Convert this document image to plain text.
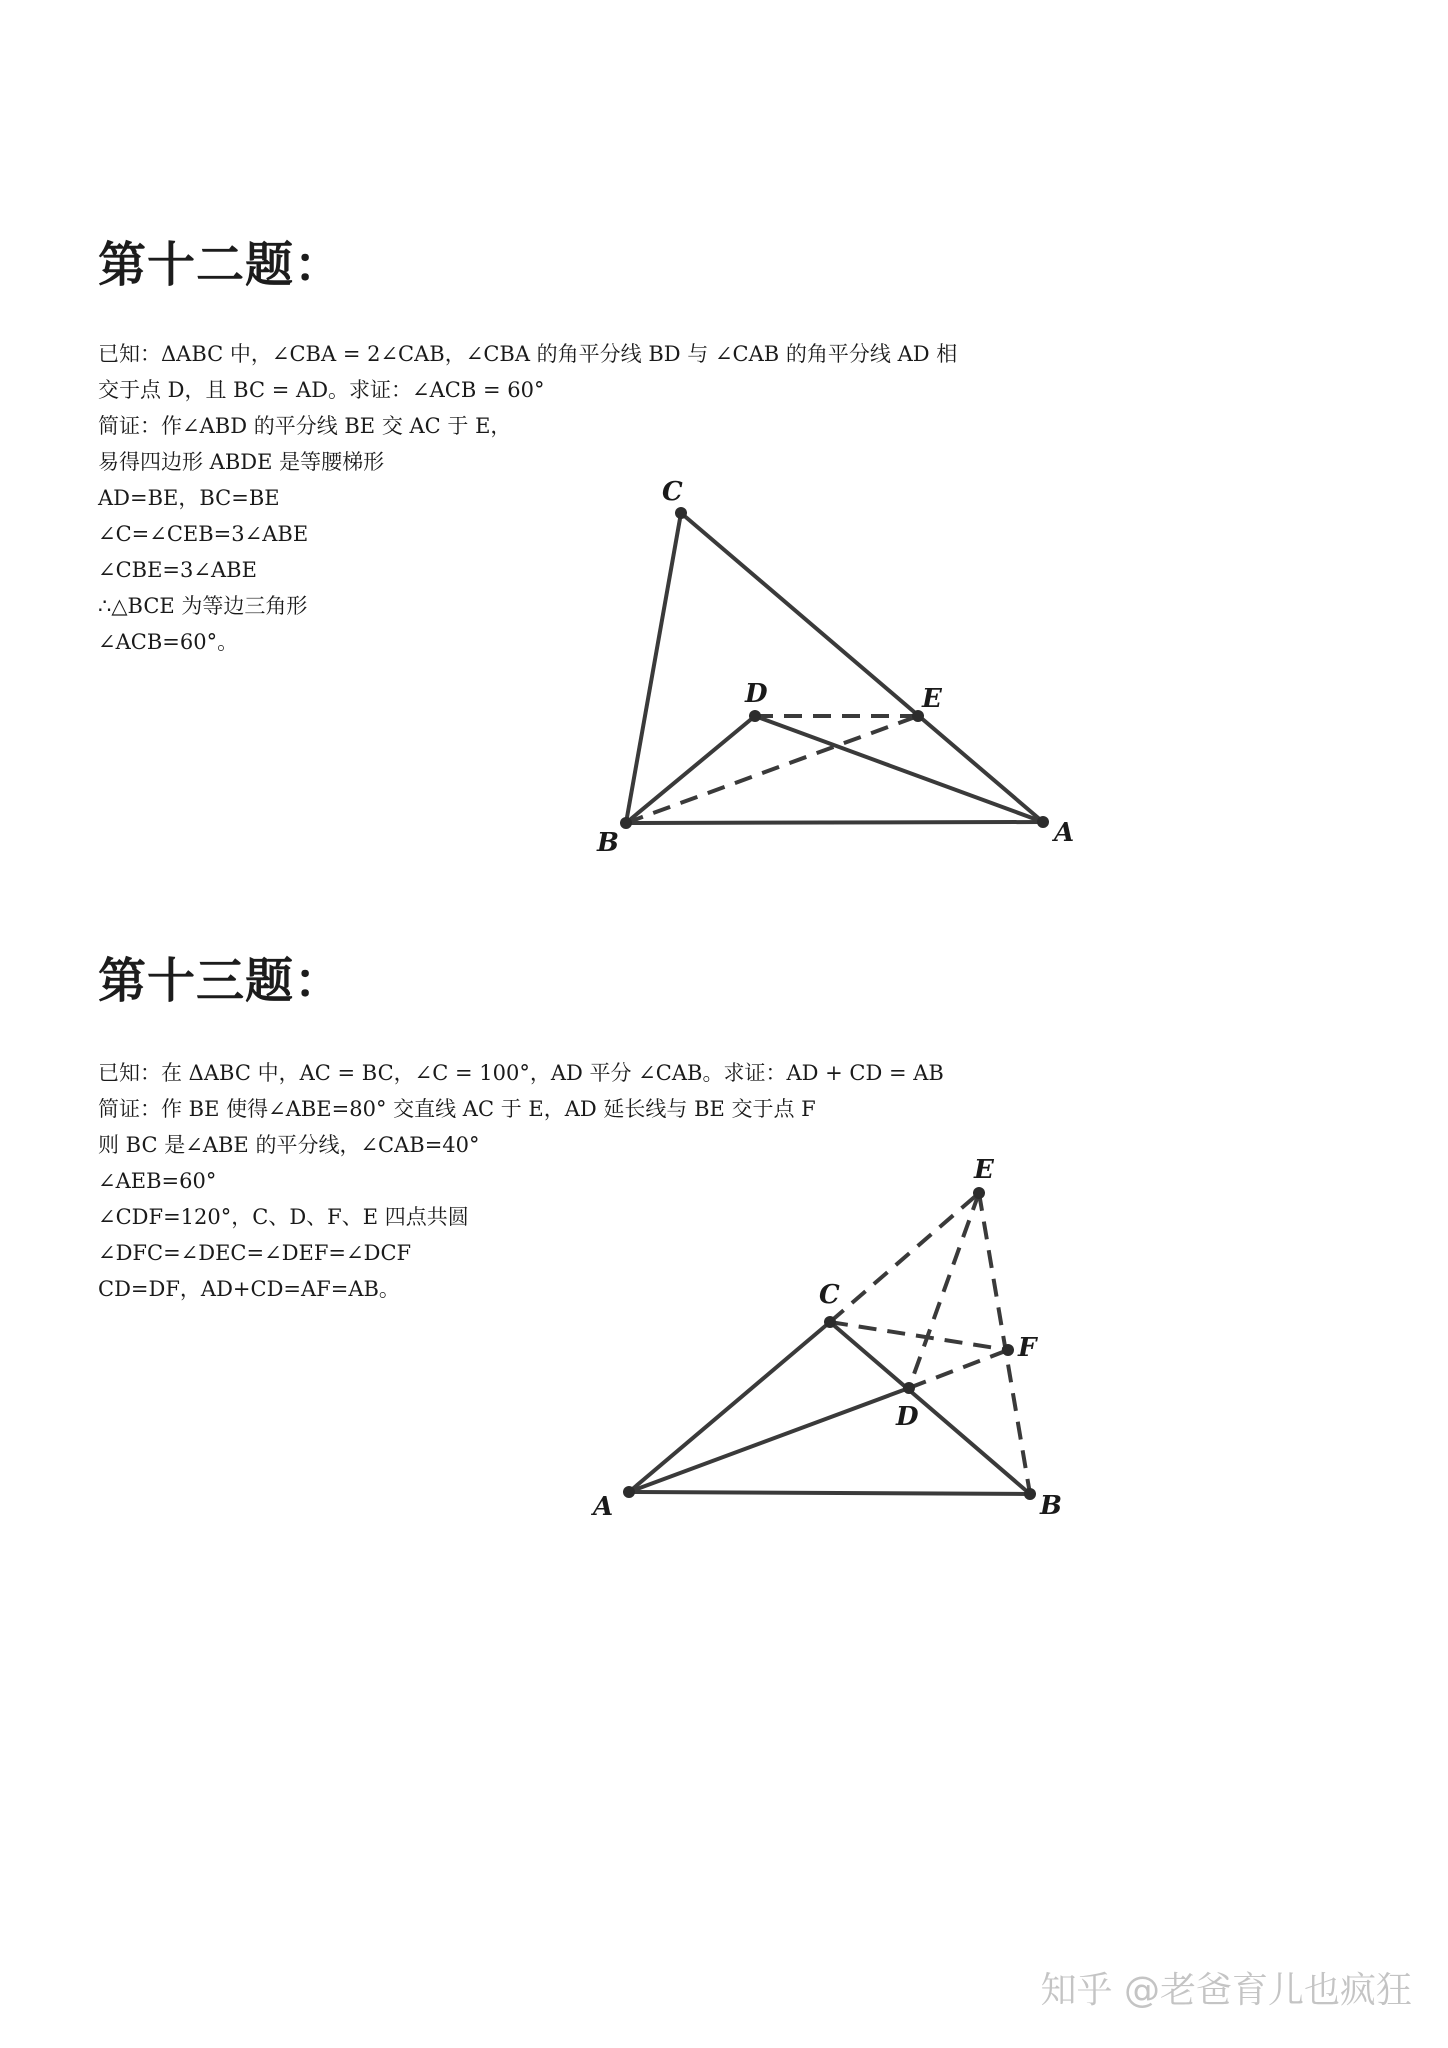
第十二题：

已知：ΔABC 中，∠CBA = 2∠CAB，∠CBA 的角平分线 BD 与 ∠CAB 的角平分线 AD 相

交于点 D，且 BC = AD。求证：∠ACB = 60°

简证：作∠ABD 的平分线 BE 交 AC 于 E，

易得四边形 ABDE 是等腰梯形

AD=BE，BC=BE

∠C=∠CEB=3∠ABE

∠CBE=3∠ABE

∴△BCE 为等边三角形

∠ACB=60°。

C
D	E
B	A
E
C
F
D
A	B
第十三题：

已知：在 ΔABC 中，AC = BC，∠C = 100°，AD 平分 ∠CAB。求证：AD + CD = AB

简证：作 BE 使得∠ABE=80° 交直线 AC 于 E，AD 延长线与 BE 交于点 F

则 BC 是∠ABE 的平分线，∠CAB=40°

∠AEB=60°

∠CDF=120°，C、D、F、E 四点共圆

∠DFC=∠DEC=∠DEF=∠DCF

CD=DF，AD+CD=AF=AB。

知乎 @老爸育儿也疯狂
